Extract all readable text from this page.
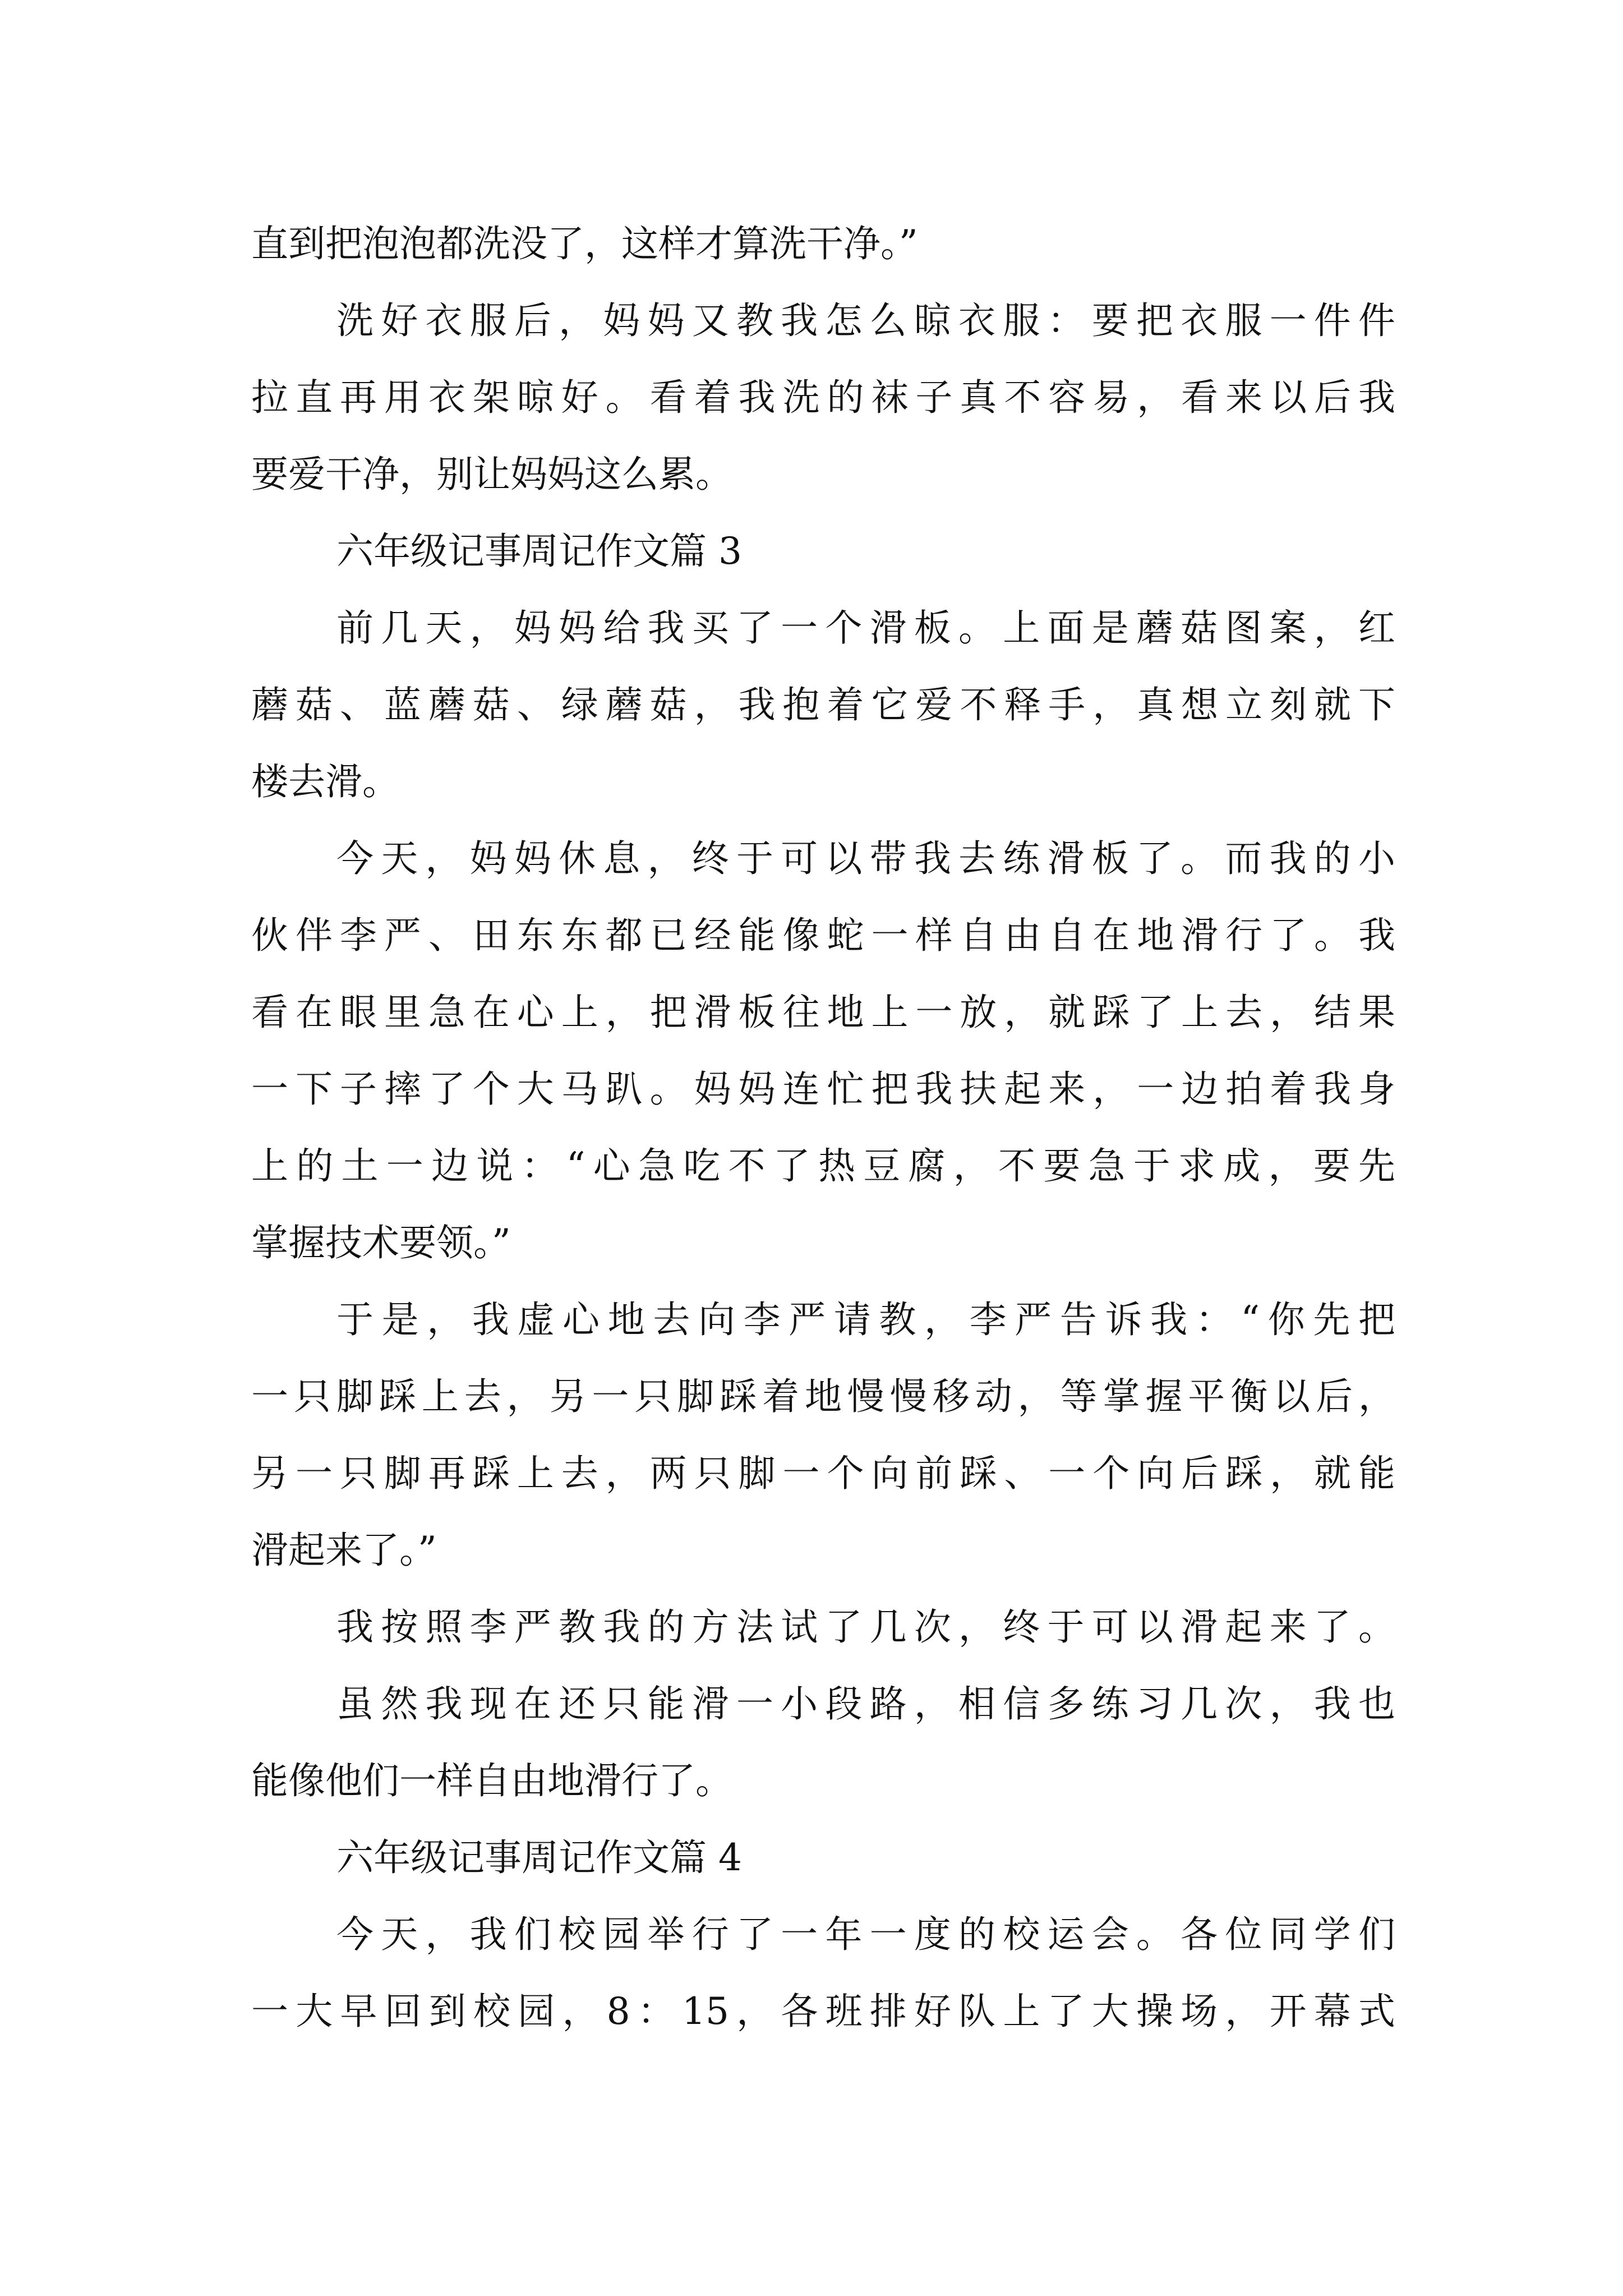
直到把泡泡都洗没了，这样才算洗干净。”
洗好衣服后，妈妈又教我怎么晾衣服：要把衣服一件件
拉直再用衣架晾好。看着我洗的袜子真不容易，看来以后我
要爱干净，别让妈妈这么累。
六年级记事周记作文篇 3
前几天，妈妈给我买了一个滑板。上面是蘑菇图案，红
蘑菇、蓝蘑菇、绿蘑菇，我抱着它爱不释手，真想立刻就下
楼去滑。
今天，妈妈休息，终于可以带我去练滑板了。而我的小
伙伴李严、田东东都已经能像蛇一样自由自在地滑行了。我
看在眼里急在心上，把滑板往地上一放，就踩了上去，结果
一下子摔了个大马趴。妈妈连忙把我扶起来，一边拍着我身
上的土一边说：“心急吃不了热豆腐，不要急于求成，要先
掌握技术要领。”
于是，我虚心地去向李严请教，李严告诉我：“你先把
一只脚踩上去，另一只脚踩着地慢慢移动，等掌握平衡以后，
另一只脚再踩上去，两只脚一个向前踩、一个向后踩，就能
滑起来了。”
我按照李严教我的方法试了几次，终于可以滑起来了。
虽然我现在还只能滑一小段路，相信多练习几次，我也
能像他们一样自由地滑行了。
六年级记事周记作文篇 4
今天，我们校园举行了一年一度的校运会。各位同学们
一大早回到校园，8：15，各班排好队上了大操场，开幕式
